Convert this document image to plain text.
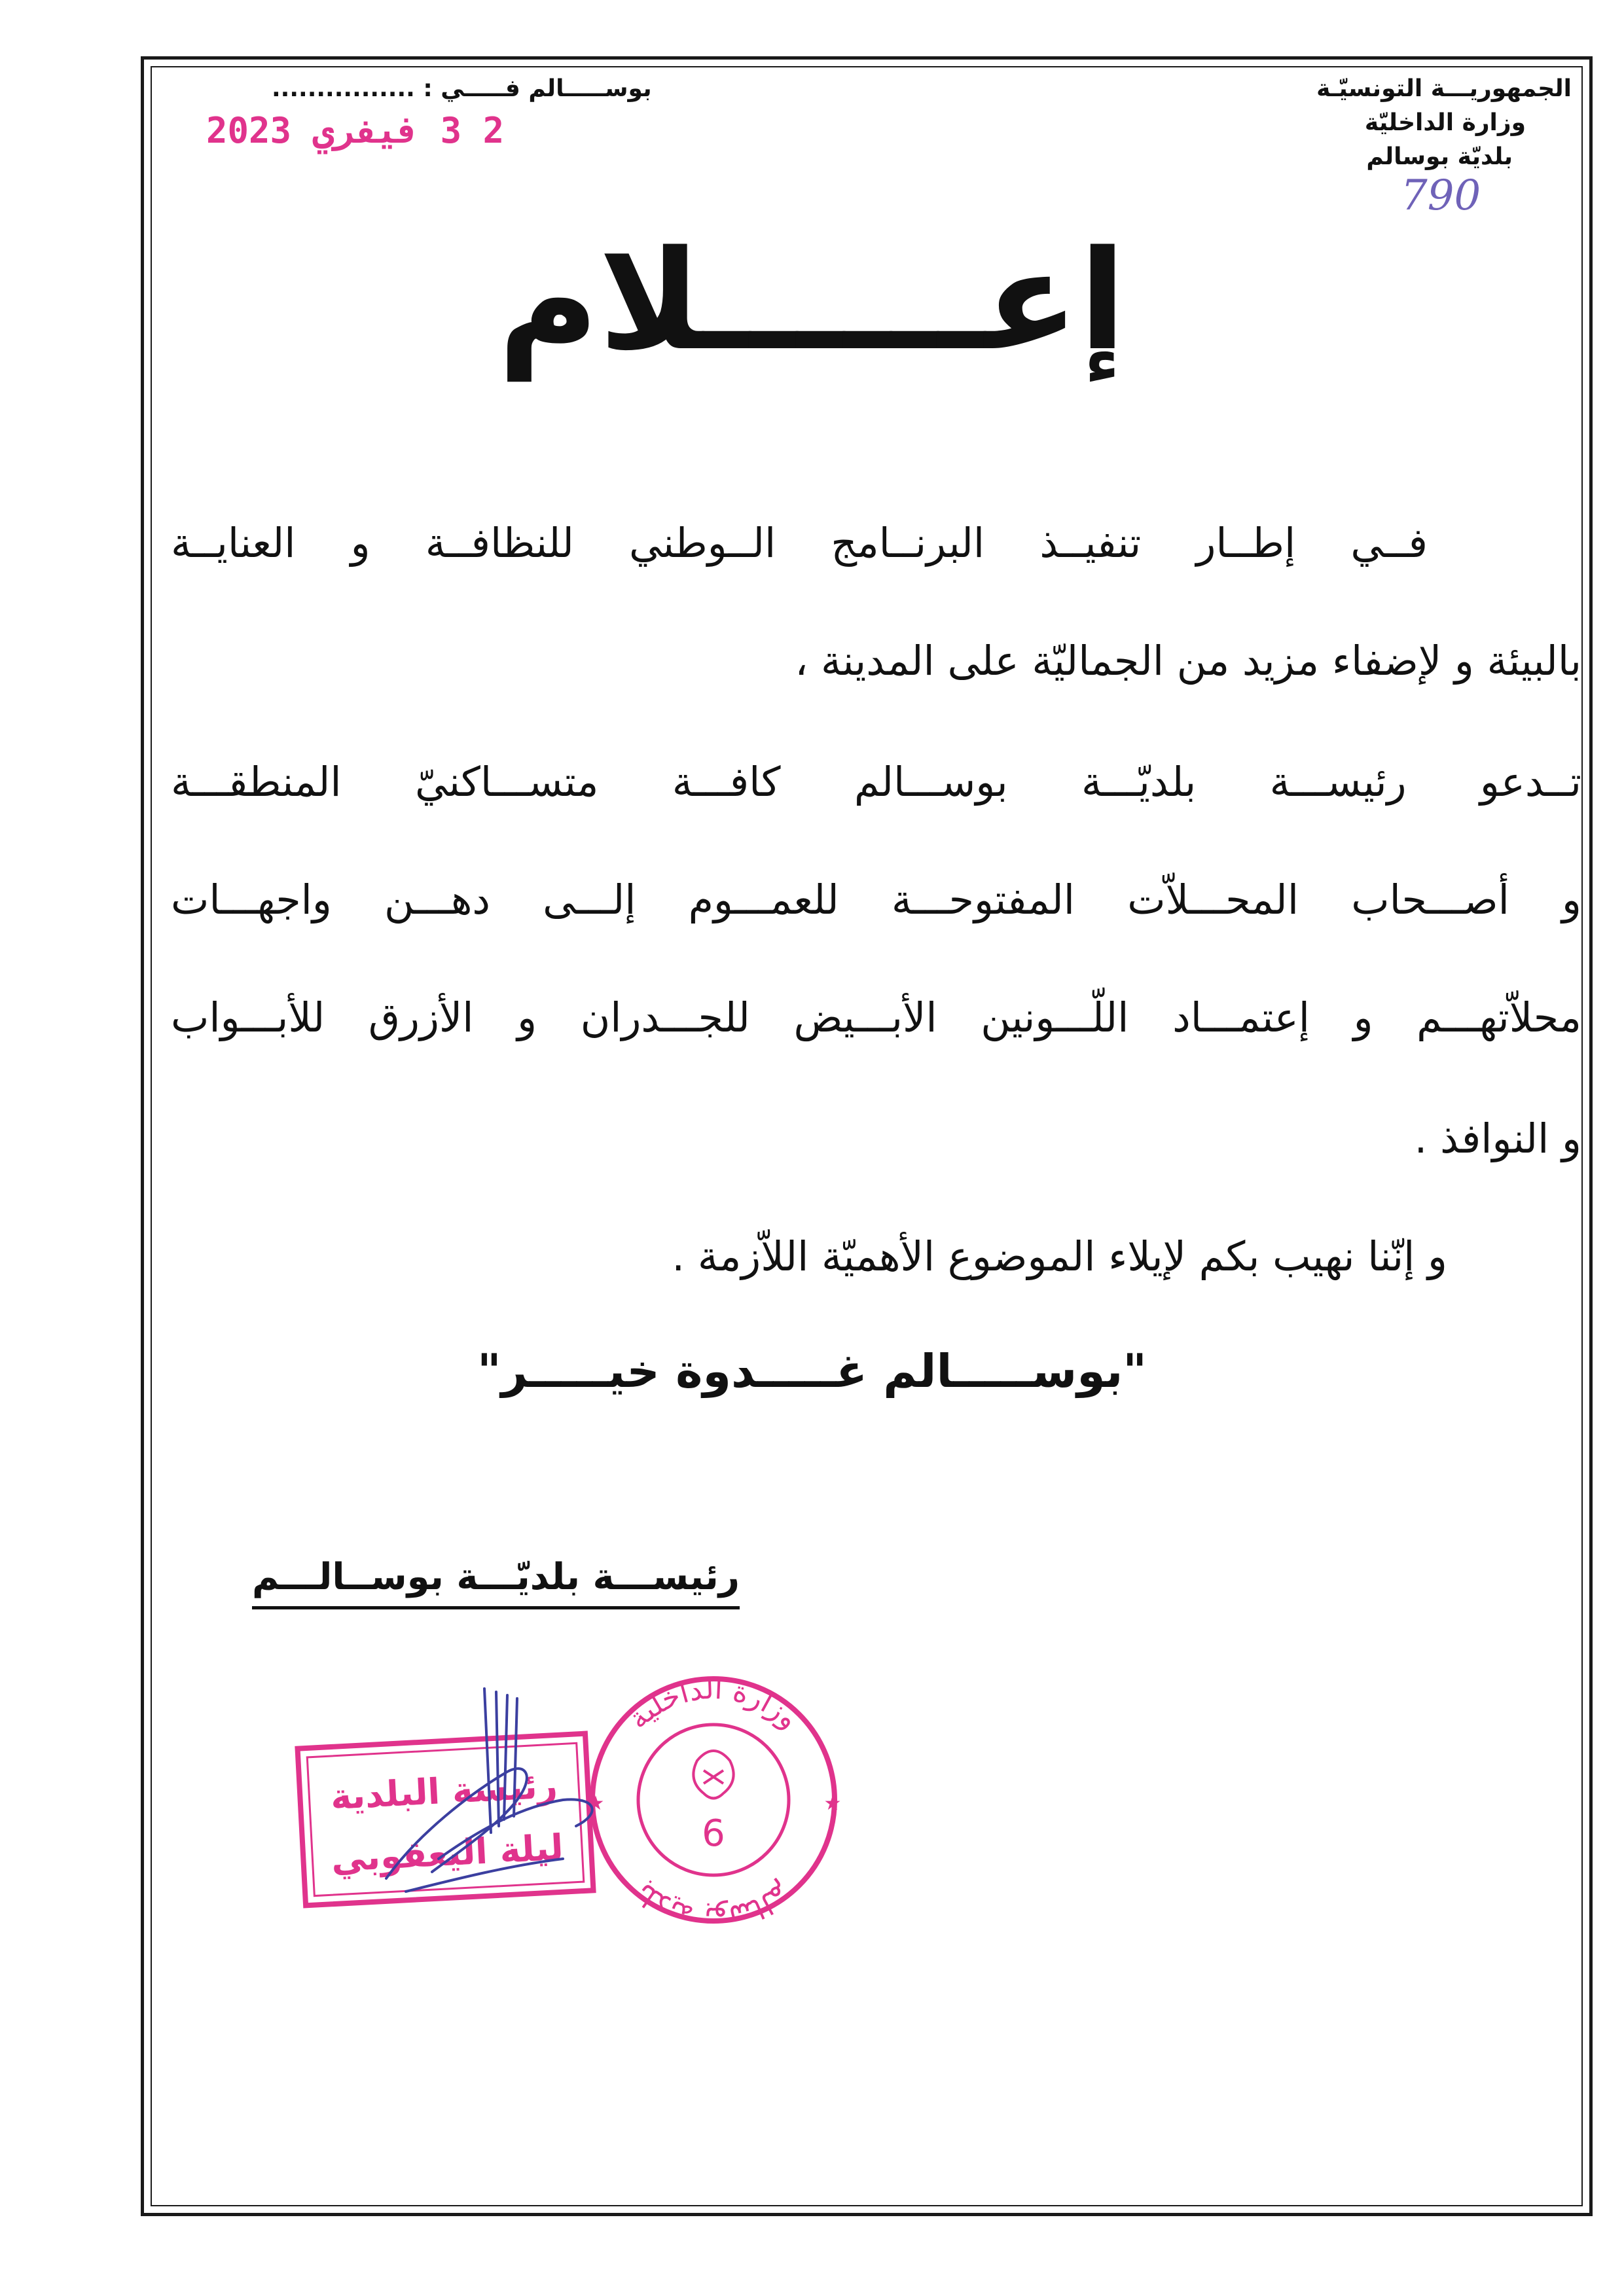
الجمهوريـــة التونسيّـة
وزارة الداخليّة
بلديّة بوسالم
بوســـــالم فـــــي : ................
2 3 فيفري 2023
790
إعــــــلام
فــي إطــار تنفيــذ البرنــامج الــوطني للنظافــة و العنايــة
بالبيئة و لإضفاء مزيد من الجماليّة على المدينة ،
تــدعو رئيســـة بلديّـــة بوســـالم كافـــة متســـاكنيّ المنطقـــة
و أصـــحاب المحـــلاّت المفتوحـــة للعمـــوم إلـــى دهـــن واجهـــات
محلاّتهـــم و إعتمـــاد اللّـــونين الأبـــيض للجـــدران و الأزرق للأبـــواب
و النوافذ .
و إنّنا نهيب بكم لإيلاء الموضوع الأهميّة اللاّزمة .
"بوســـــالم غـــــدوة خيـــــر"
رئيســـة بلديّـــة بوســالـــم
رئيسة البلدية
ليلة اليعقوبي
وزارة الداخلية
بلدية بوسالم
6
★	★
